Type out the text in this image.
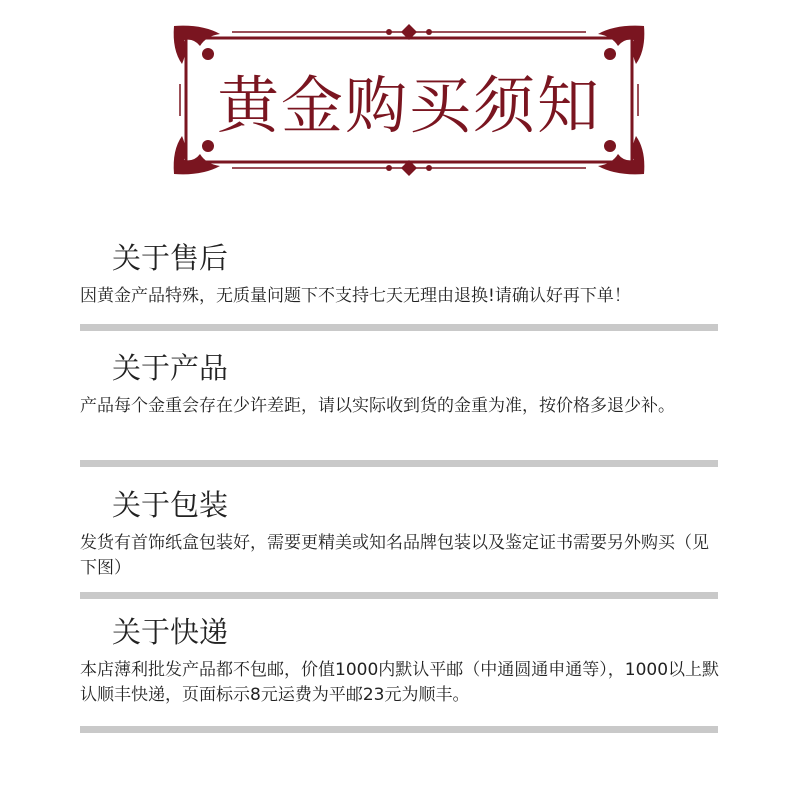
黄金购买须知
关于售后
因黄金产品特殊，无质量问题下不支持七天无理由退换!请确认好再下单！
关于产品
产品每个金重会存在少许差距，请以实际收到货的金重为准，按价格多退少补。
关于包装
发货有首饰纸盒包装好，需要更精美或知名品牌包装以及鉴定证书需要另外购买（见下图）
关于快递
本店薄利批发产品都不包邮，价值1000内默认平邮（中通圆通申通等），1000以上默认顺丰快递，页面标示8元运费为平邮23元为顺丰。
